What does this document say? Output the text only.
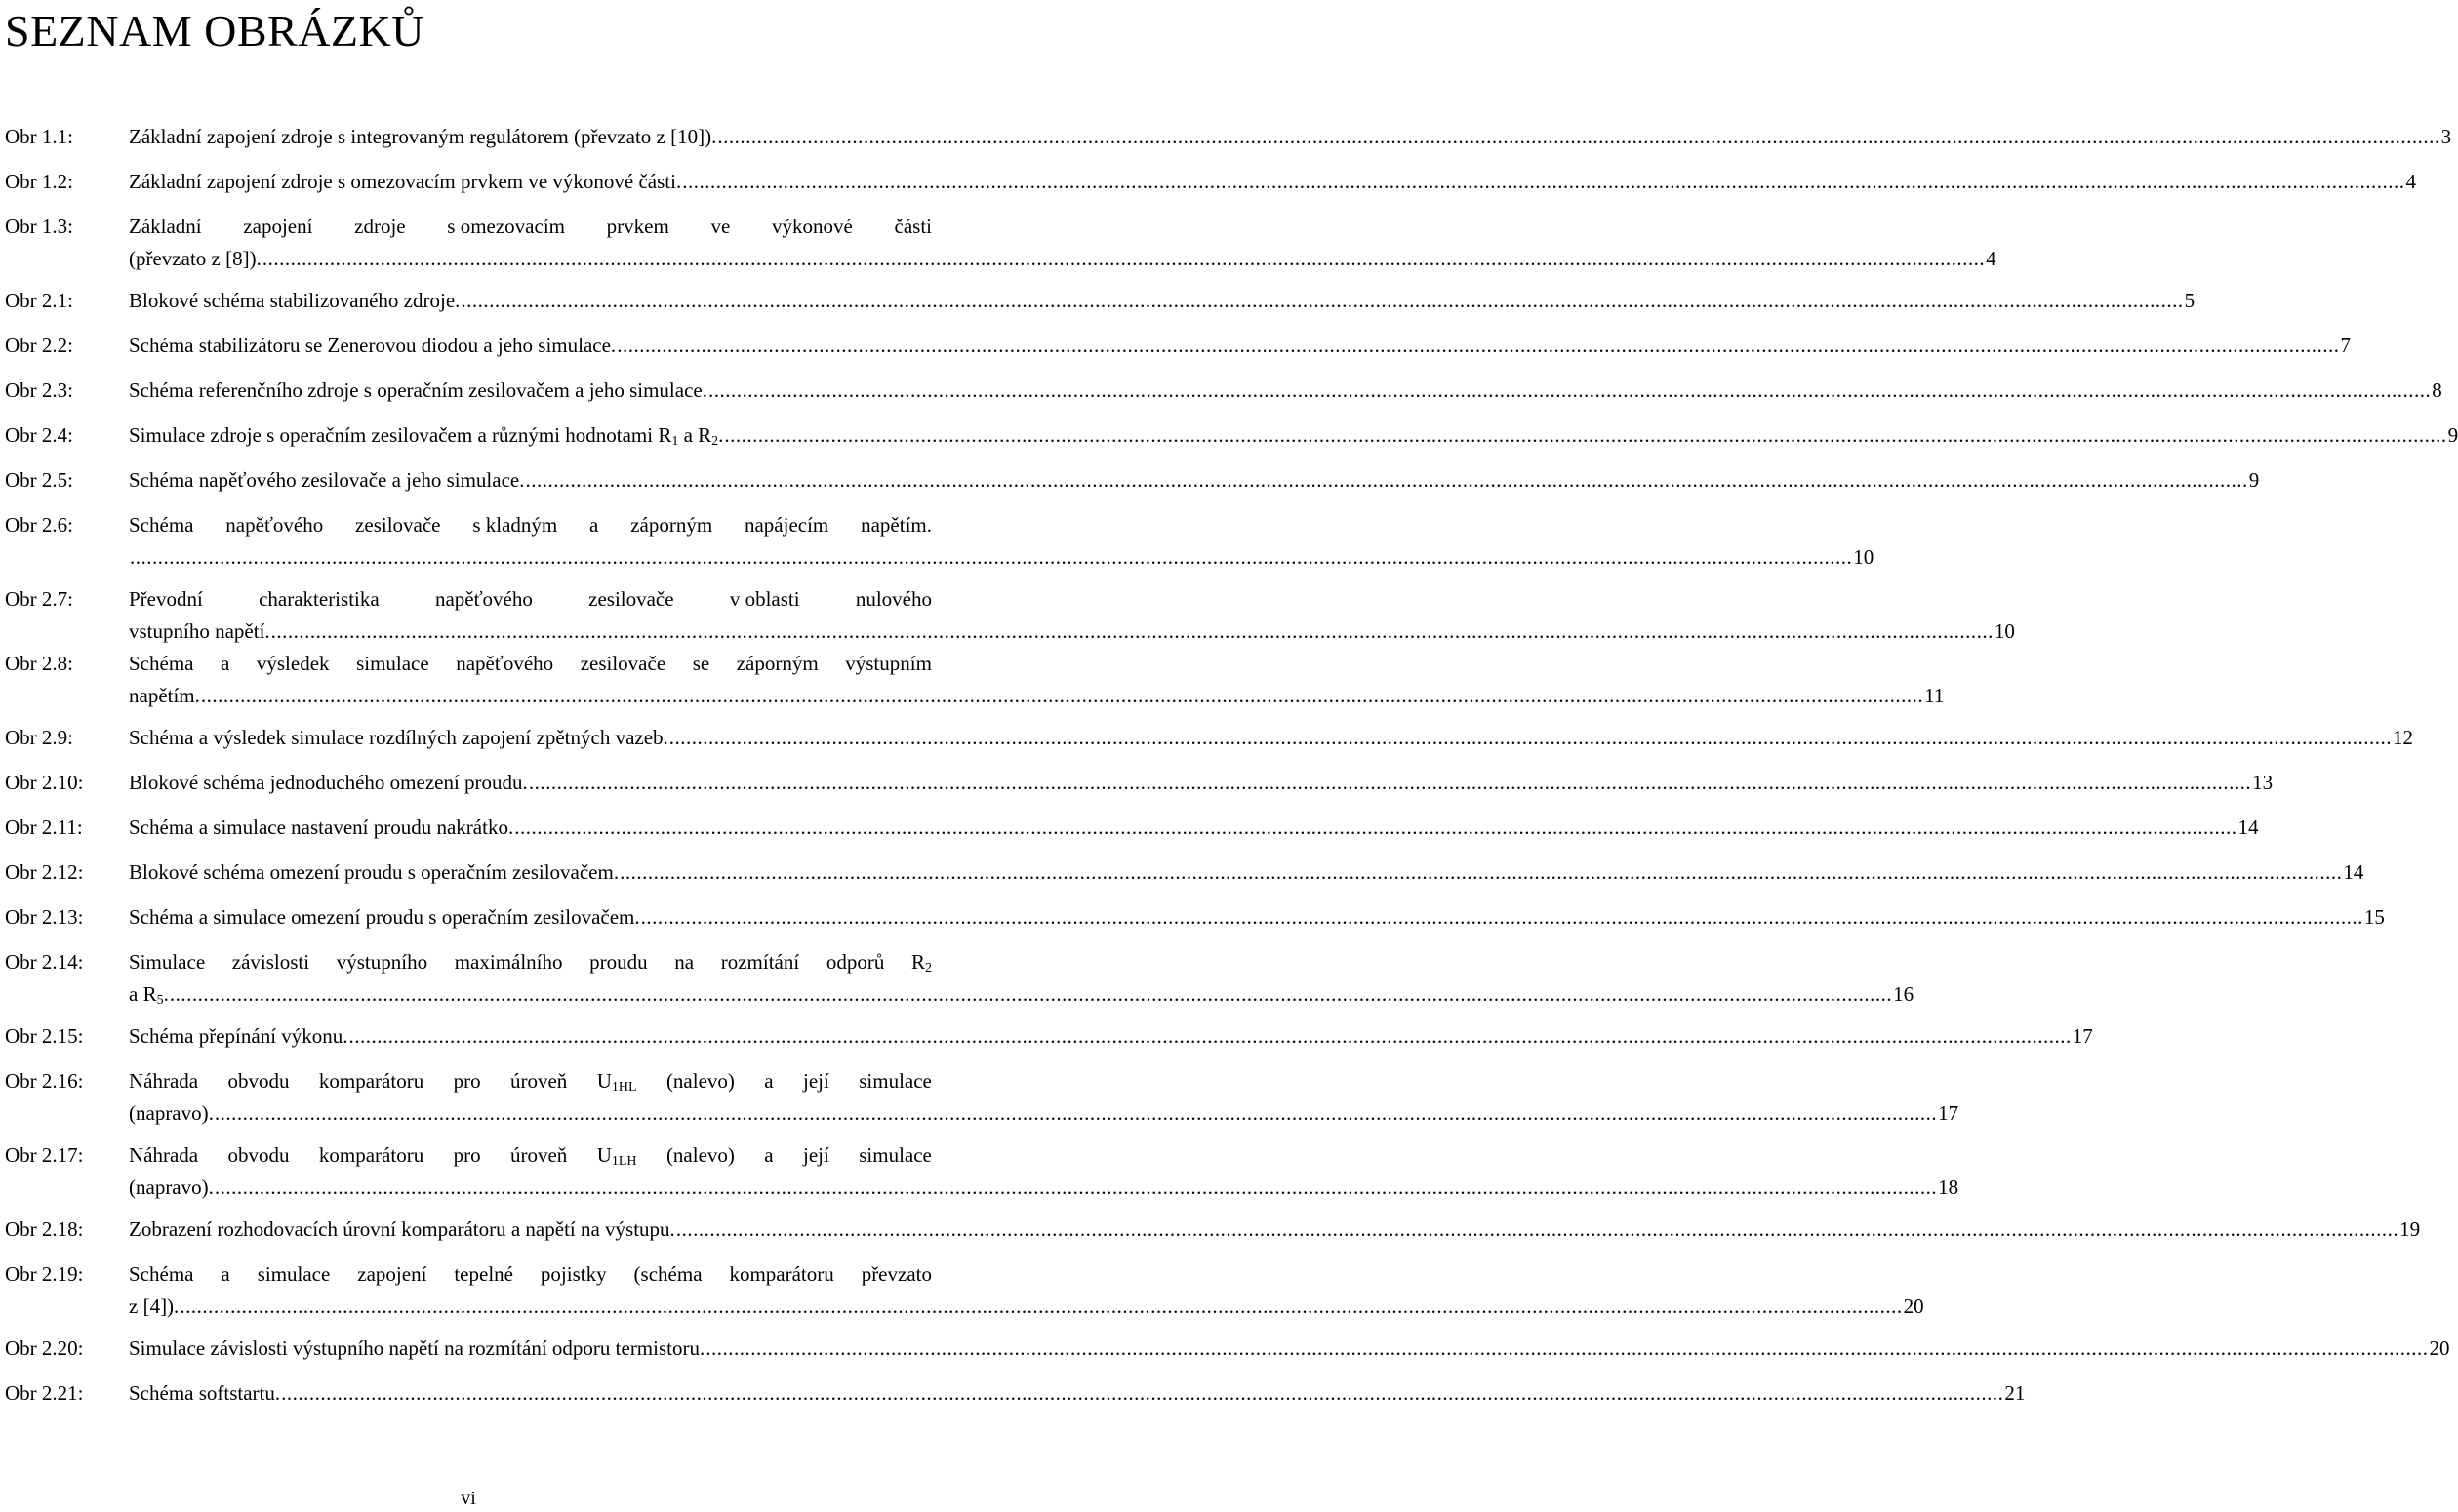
SEZNAM OBRÁZKŮ
Obr 1.1:	Základní zapojení zdroje s integrovaným regulátorem (převzato z [10]). .....	3
Obr 1.2:	Základní zapojení zdroje s omezovacím prvkem ve výkonové části. .....	4
Obr 1.3:	Základní zapojení zdroje s omezovacím prvkem ve výkonové části
(převzato z [8]). .....	4
Obr 2.1:	Blokové schéma stabilizovaného zdroje. .....	5
Obr 2.2:	Schéma stabilizátoru se Zenerovou diodou a jeho simulace. .....	7
Obr 2.3:	Schéma referenčního zdroje s operačním zesilovačem a jeho simulace. .....	8
Obr 2.4:	Simulace zdroje s operačním zesilovačem a různými hodnotami $R_1$ a $R_2$. .....	9
Obr 2.5:	Schéma napěťového zesilovače a jeho simulace. .....	9
Obr 2.6:	Schéma napěťového zesilovače s kladným a záporným napájecím napětím.
.....
10
Obr 2.7:	Převodní	charakteristika	napěťového	zesilovače	v oblasti	nulového
vstupního napětí. .....	10
Obr 2.8:	Schéma a výsledek simulace napěťového zesilovače se záporným výstupním
napětím. .....	11
Obr 2.9:	Schéma a výsledek simulace rozdílných zapojení zpětných vazeb. .....	12
Obr 2.10: Blokové schéma jednoduchého omezení proudu. .....	13
Obr 2.11: Schéma a simulace nastavení proudu nakrátko. .....	14
Obr 2.12: Blokové schéma omezení proudu s operačním zesilovačem. .....	14
Obr 2.13: Schéma a simulace omezení proudu s operačním zesilovačem. .....	15
Obr 2.14: Simulace závislosti výstupního maximálního proudu na rozmítání odporů $R_2$
a $R_5$. .....	16
Obr 2.15: Schéma přepínání výkonu. .....	17
Obr 2.16: Náhrada obvodu komparátoru pro úroveň $U_{1HL}$ (nalevo) a její simulace
(napravo). .....	17
Obr 2.17: Náhrada obvodu komparátoru pro úroveň $U_{1LH}$ (nalevo) a její simulace
(napravo). .....	18
Obr 2.18: Zobrazení rozhodovacích úrovní komparátoru a napětí na výstupu. .....	19
Obr 2.19: Schéma a simulace zapojení tepelné pojistky (schéma komparátoru převzato
z [4]). .....	20
Obr 2.20: Simulace závislosti výstupního napětí na rozmítání odporu termistoru. .....	20
Obr 2.21: Schéma softstartu. .....	21
vi
